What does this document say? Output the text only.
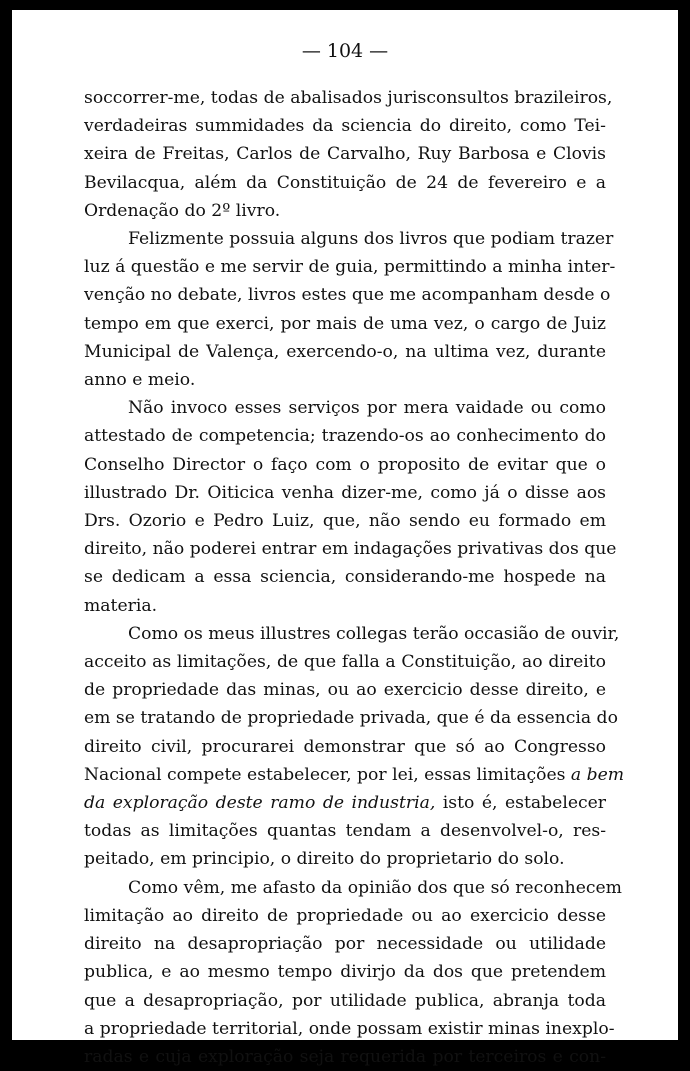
— 104 —
soccorrer-me, todas de abalisados jurisconsultos brazileiros,
verdadeiras summidades da sciencia do direito, como Tei-
xeira de Freitas, Carlos de Carvalho, Ruy Barbosa e Clovis
Bevilacqua, além da Constituição de 24 de fevereiro e a
Ordenação do 2º livro.
Felizmente possuia alguns dos livros que podiam trazer
luz á questão e me servir de guia, permittindo a minha inter-
venção no debate, livros estes que me acompanham desde o
tempo em que exerci, por mais de uma vez, o cargo de Juiz
Municipal de Valença, exercendo-o, na ultima vez, durante
anno e meio.
Não invoco esses serviços por mera vaidade ou como
attestado de competencia; trazendo-os ao conhecimento do
Conselho Director o faço com o proposito de evitar que o
illustrado Dr. Oiticica venha dizer-me, como já o disse aos
Drs. Ozorio e Pedro Luiz, que, não sendo eu formado em
direito, não poderei entrar em indagações privativas dos que
se dedicam a essa sciencia, considerando-me hospede na
materia.
Como os meus illustres collegas terão occasião de ouvir,
acceito as limitações, de que falla a Constituição, ao direito
de propriedade das minas, ou ao exercicio desse direito, e
em se tratando de propriedade privada, que é da essencia do
direito civil, procurarei demonstrar que só ao Congresso
Nacional compete estabelecer, por lei, essas limitações a bem
da exploração deste ramo de industria, isto é, estabelecer
todas as limitações quantas tendam a desenvolvel-o, res-
peitado, em principio, o direito do proprietario do solo.
Como vêm, me afasto da opinião dos que só reconhecem
limitação ao direito de propriedade ou ao exercicio desse
direito na desapropriação por necessidade ou utilidade
publica, e ao mesmo tempo divirjo da dos que pretendem
que a desapropriação, por utilidade publica, abranja toda
a propriedade territorial, onde possam existir minas inexplo-
radas e cuja exploração seja requerida por terceiros e con-
